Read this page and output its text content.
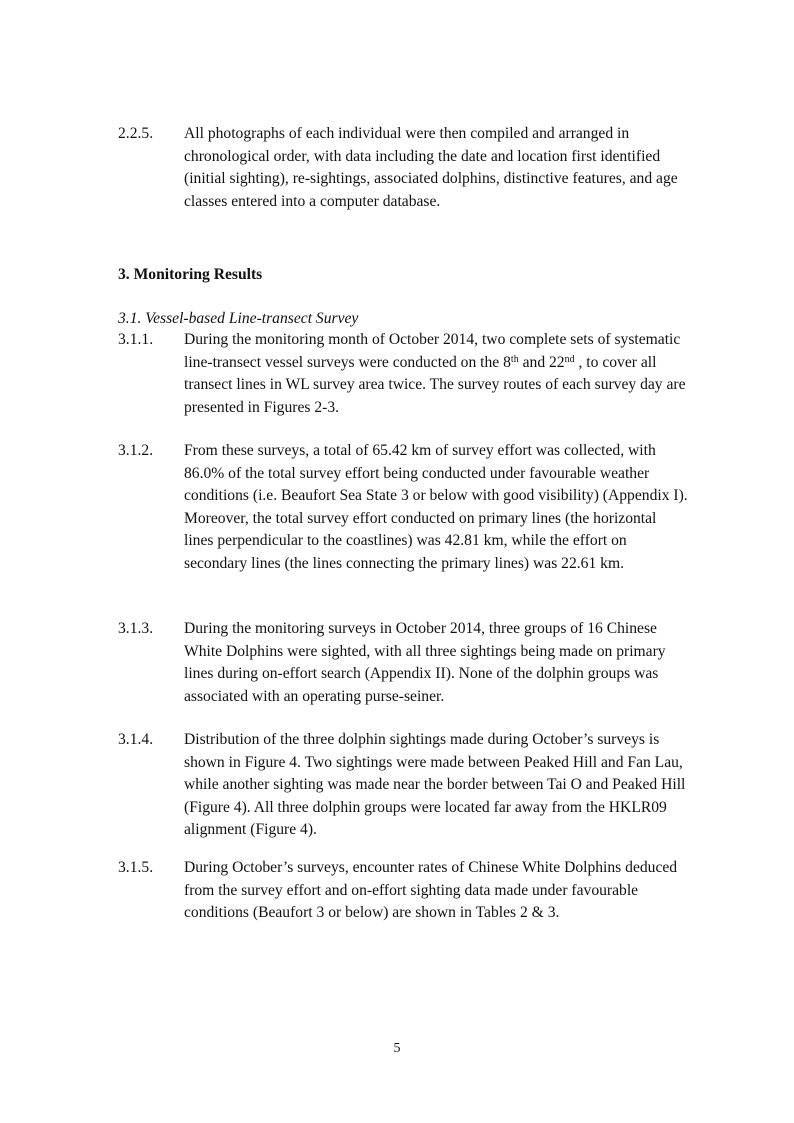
2.2.5.	All photographs of each individual were then compiled and arranged in chronological order, with data including the date and location first identified (initial sighting), re-sightings, associated dolphins, distinctive features, and age classes entered into a computer database.
3. Monitoring Results
3.1. Vessel-based Line-transect Survey
3.1.1.	During the monitoring month of October 2014, two complete sets of systematic line-transect vessel surveys were conducted on the 8th and 22nd , to cover all transect lines in WL survey area twice. The survey routes of each survey day are presented in Figures 2-3.
3.1.2.	From these surveys, a total of 65.42 km of survey effort was collected, with 86.0% of the total survey effort being conducted under favourable weather conditions (i.e. Beaufort Sea State 3 or below with good visibility) (Appendix I). Moreover, the total survey effort conducted on primary lines (the horizontal lines perpendicular to the coastlines) was 42.81 km, while the effort on secondary lines (the lines connecting the primary lines) was 22.61 km.
3.1.3.	During the monitoring surveys in October 2014, three groups of 16 Chinese White Dolphins were sighted, with all three sightings being made on primary lines during on-effort search (Appendix II). None of the dolphin groups was associated with an operating purse-seiner.
3.1.4.	Distribution of the three dolphin sightings made during October’s surveys is shown in Figure 4. Two sightings were made between Peaked Hill and Fan Lau, while another sighting was made near the border between Tai O and Peaked Hill (Figure 4). All three dolphin groups were located far away from the HKLR09 alignment (Figure 4).
3.1.5.	During October’s surveys, encounter rates of Chinese White Dolphins deduced from the survey effort and on-effort sighting data made under favourable conditions (Beaufort 3 or below) are shown in Tables 2 & 3.
5
